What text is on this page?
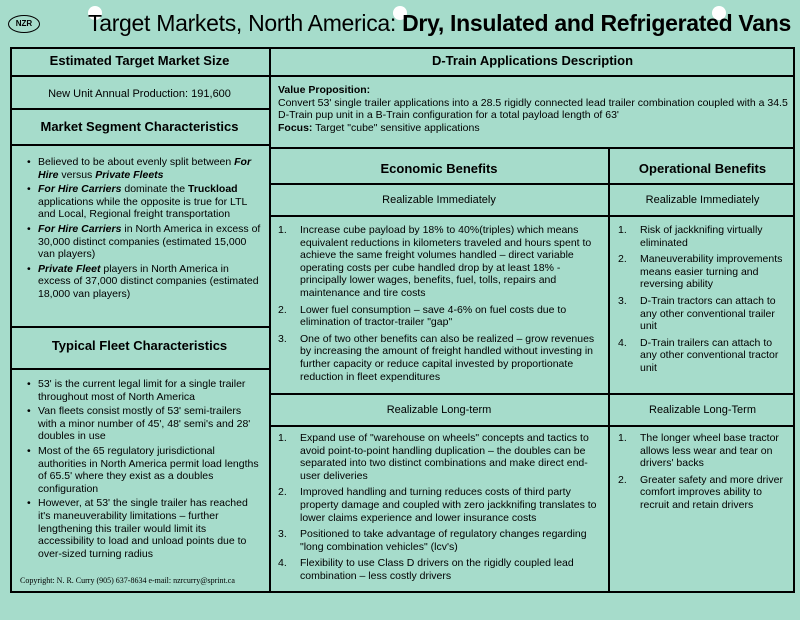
NZR	Target Markets, North America: Dry, Insulated and Refrigerated Vans
Estimated Target Market Size
New Unit Annual Production: 191,600
Market Segment Characteristics
• Believed to be about evenly split between For Hire versus Private Fleets
• For Hire Carriers dominate the Truckload applications while the opposite is true for LTL and Local, Regional freight transportation
• For Hire Carriers in North America in excess of 30,000 distinct companies (estimated 15,000 van players)
• Private Fleet players in North America in excess of 37,000 distinct companies (estimated 18,000 van players)
Typical Fleet Characteristics
• 53' is the current legal limit for a single trailer throughout most of North America
• Van fleets consist mostly of 53' semi-trailers with a minor number of 45', 48' semi's and 28' doubles in use
• Most of the 65 regulatory jurisdictional authorities in North America permit load lengths of 65.5' where they exist as a doubles configuration
• However, at 53' the single trailer has reached it's maneuverability limitations – further lengthening this trailer would limit its accessibility to load and unload points due to over-sized turning radius
Copyright: N. R. Curry (905) 637-8634 e-mail: nzrcurry@sprint.ca
D-Train Applications Description
Value Proposition:
Convert 53' single trailer applications into a 28.5 rigidly connected lead trailer combination coupled with a 34.5 D-Train pup unit in a B-Train configuration for a total payload length of 63'
Focus: Target "cube" sensitive applications
Economic Benefits	Operational Benefits
Realizable Immediately	Realizable Immediately
Increase cube payload by 18% to 40%(triples) which means equivalent reductions in kilometers traveled and hours spent to achieve the same freight volumes handled – direct variable operating costs per cube handled drop by at least 18% - principally lower wages, benefits, fuel, tolls, repairs and maintenance and tire costs
Lower fuel consumption – save 4-6% on fuel costs due to elimination of tractor-trailer "gap"
One of two other benefits can also be realized – grow revenues by increasing the amount of freight handled without investing in further capacity or reduce capital invested by proportionate reduction in fleet expenditures
Risk of jackknifing virtually eliminated
Maneuverability improvements means easier turning and reversing ability
D-Train tractors can attach to any other conventional trailer unit
D-Train trailers can attach to any other conventional tractor unit
Realizable Long-term	Realizable Long-Term
Expand use of "warehouse on wheels" concepts and tactics to avoid point-to-point handling duplication – the doubles can be separated into two distinct combinations and make direct end-user deliveries
Improved handling and turning reduces costs of third party property damage and coupled with zero jackknifing translates to lower claims experience and lower insurance costs
Positioned to take advantage of regulatory changes regarding "long combination vehicles" (lcv's)
Flexibility to use Class D drivers on the rigidly coupled lead combination – less costly drivers
The longer wheel base tractor allows less wear and tear on drivers' backs
Greater safety and more driver comfort improves ability to recruit and retain drivers
